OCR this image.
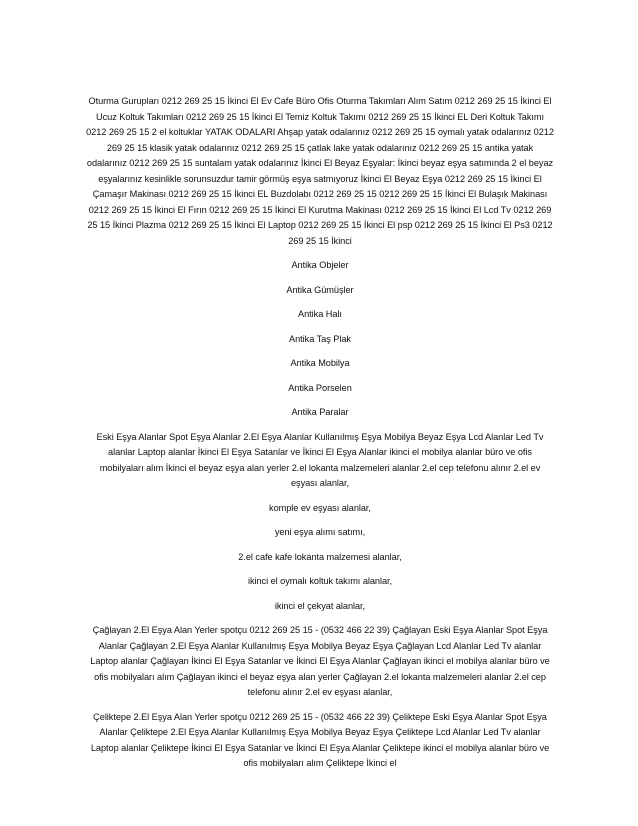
Oturma Gurupları 0212 269 25 15 İkinci El Ev Cafe Büro Ofis Oturma Takımları Alım Satım 0212 269 25 15 İkinci El Ucuz Koltuk Takımları 0212 269 25 15 İkinci El Temiz Koltuk Takımı 0212 269 25 15 İkinci EL Deri Koltuk Takımı 0212 269 25 15 2 el koltuklar YATAK ODALARI Ahşap yatak odalarınız 0212 269 25 15 oymalı yatak odalarınız 0212 269 25 15 klasik yatak odalarınız 0212 269 25 15 çatlak lake yatak odalarınız 0212 269 25 15 antika yatak odalarınız 0212 269 25 15 suntalam yatak odalarınız İkinci El Beyaz Eşyalar: İkinci beyaz eşya satımında 2 el beyaz eşyalarınız kesinlikle sorunsuzdur tamir görmüş eşya satmıyoruz İkinci El Beyaz Eşya 0212 269 25 15 İkinci El Çamaşır Makinası 0212 269 25 15 İkinci EL Buzdolabı 0212 269 25 15 0212 269 25 15 İkinci El Bulaşık Makinası 0212 269 25 15 İkinci El Fırın 0212 269 25 15 İkinci El Kurutma Makinası 0212 269 25 15 İkinci El Lcd Tv 0212 269 25 15 İkinci Plazma 0212 269 25 15 İkinci El Laptop 0212 269 25 15 İkinci El psp 0212 269 25 15 İkinci El Ps3 0212 269 25 15 İkinci

Antika Objeler

Antika Gümüşler

Antika Halı

Antika Taş Plak

Antika Mobilya

Antika Porselen

Antika Paralar

Eski Eşya Alanlar Spot Eşya Alanlar 2.El Eşya Alanlar Kullanılmış Eşya Mobilya Beyaz Eşya Lcd Alanlar Led Tv alanlar Laptop alanlar İkinci El Eşya Satanlar ve İkinci El Eşya Alanlar ikinci el mobilya alanlar büro ve ofis mobilyaları alım İkinci el beyaz eşya alan yerler 2.el lokanta malzemeleri alanlar 2.el cep telefonu alınır 2.el ev eşyası alanlar,

komple ev eşyası alanlar,

yeni eşya alımı satımı,

2.el cafe kafe lokanta malzemesi alanlar,

ikinci el oymalı koltuk takımı alanlar,

ikinci el çekyat alanlar,

Çağlayan 2.El Eşya Alan Yerler spotçu 0212 269 25 15 - (0532 466 22 39) Çağlayan Eski Eşya Alanlar Spot Eşya Alanlar Çağlayan 2.El Eşya Alanlar Kullanılmış Eşya Mobilya Beyaz Eşya Çağlayan Lcd Alanlar Led Tv alanlar Laptop alanlar Çağlayan İkinci El Eşya Satanlar ve İkinci El Eşya Alanlar Çağlayan ikinci el mobilya alanlar büro ve ofis mobilyaları alım Çağlayan ikinci el beyaz eşya alan yerler Çağlayan 2.el lokanta malzemeleri alanlar 2.el cep telefonu alınır 2.el ev eşyası alanlar,

Çeliktepe 2.El Eşya Alan Yerler spotçu 0212 269 25 15 - (0532 466 22 39) Çeliktepe Eski Eşya Alanlar Spot Eşya Alanlar Çeliktepe 2.El Eşya Alanlar Kullanılmış Eşya Mobilya Beyaz Eşya Çeliktepe Lcd Alanlar Led Tv alanlar Laptop alanlar Çeliktepe İkinci El Eşya Satanlar ve İkinci El Eşya Alanlar Çeliktepe ikinci el mobilya alanlar büro ve ofis mobilyaları alım Çeliktepe İkinci el
